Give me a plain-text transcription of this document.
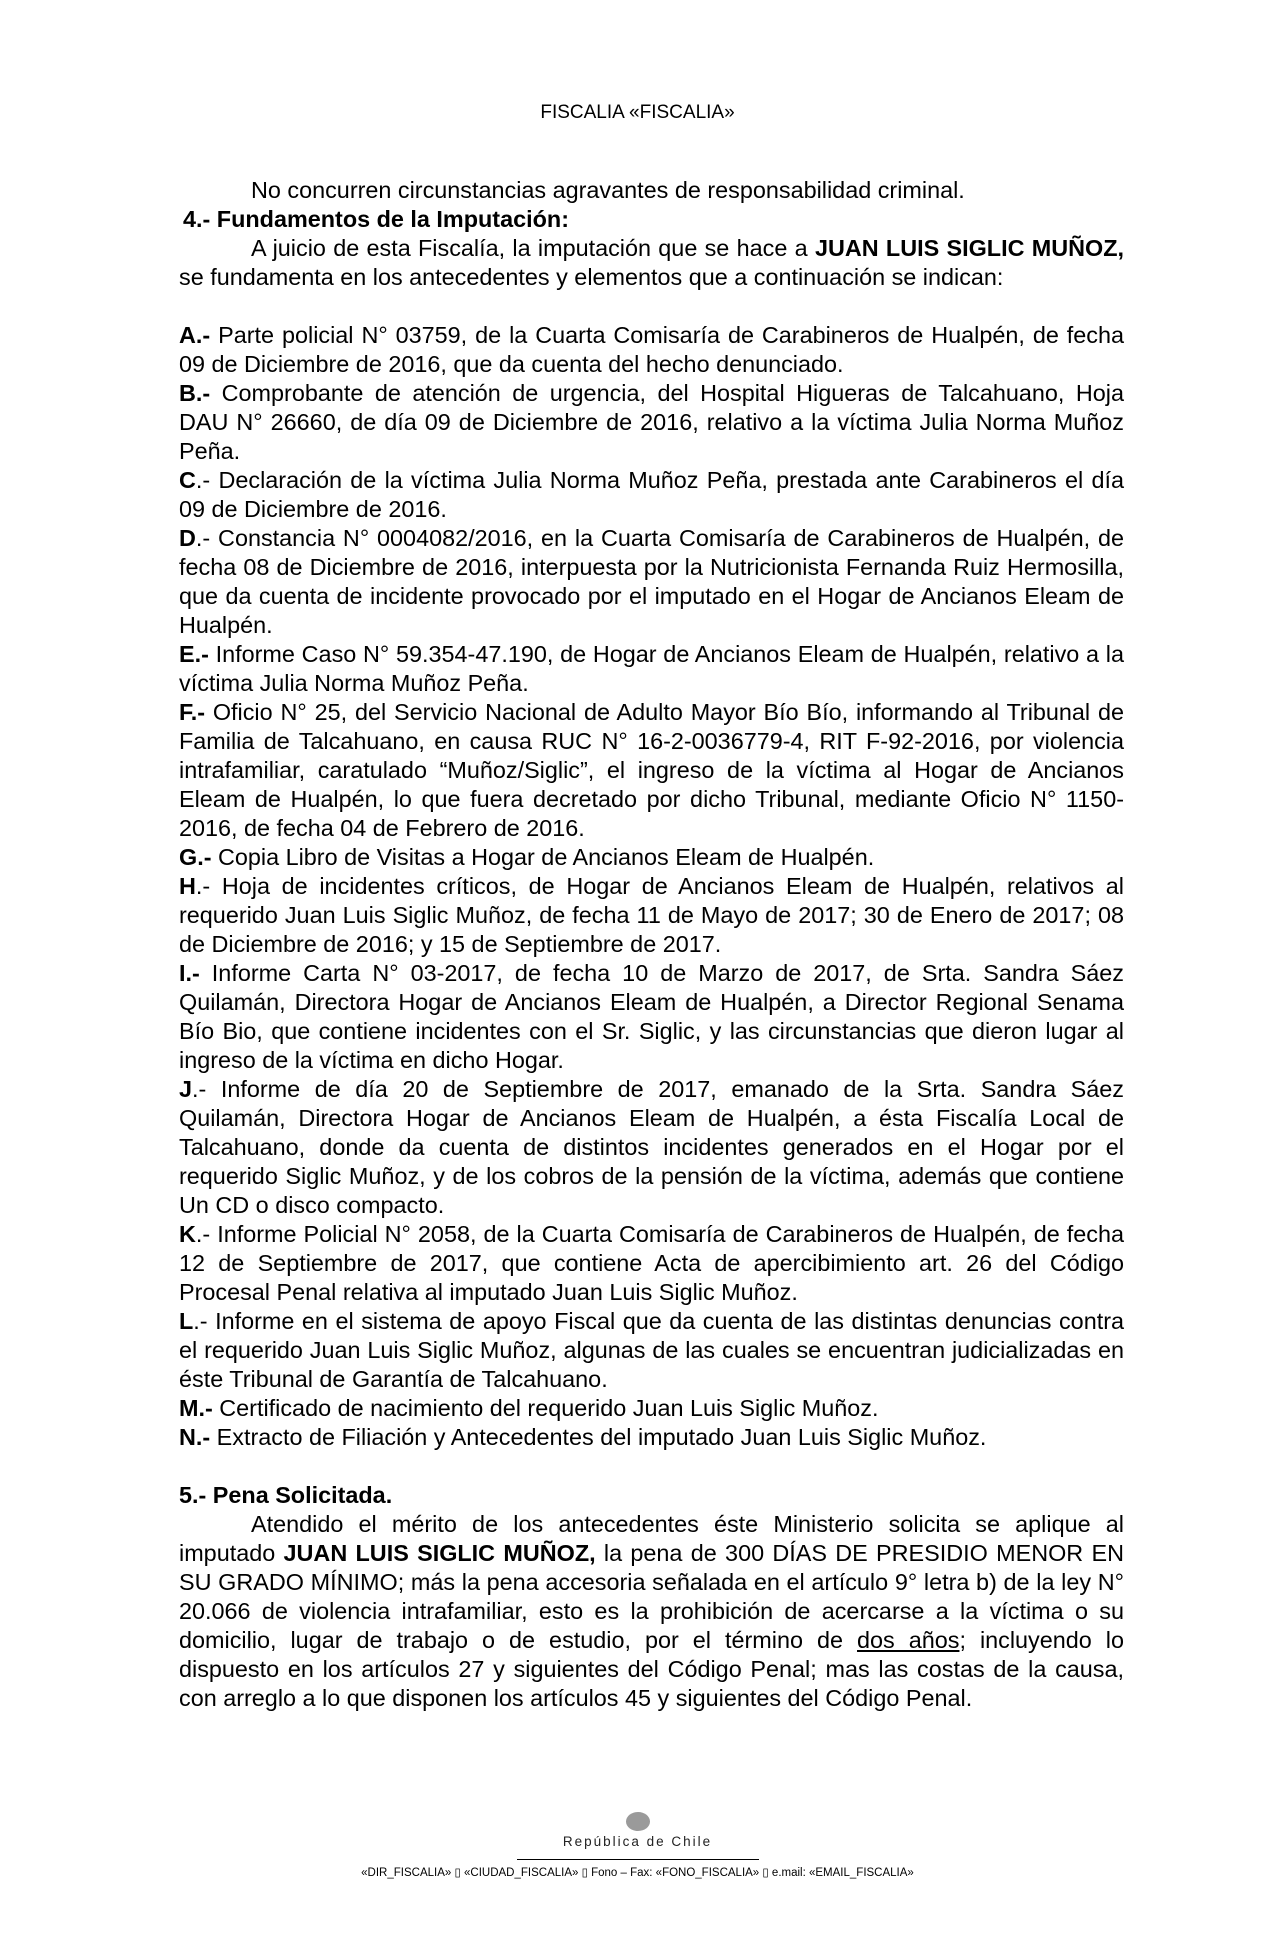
FISCALIA «FISCALIA»

No concurren circunstancias agravantes de responsabilidad criminal.

4.- Fundamentos de la Imputación:

A juicio de esta Fiscalía, la imputación que se hace a JUAN LUIS SIGLIC MUÑOZ, se fundamenta en los antecedentes y elementos que a continuación se indican:

A.- Parte policial N° 03759, de la Cuarta Comisaría de Carabineros de Hualpén, de fecha 09 de Diciembre de 2016, que da cuenta del hecho denunciado.

B.- Comprobante de atención de urgencia, del Hospital Higueras de Talcahuano, Hoja DAU N° 26660, de día 09 de Diciembre de 2016, relativo a la víctima Julia Norma Muñoz Peña.

C.- Declaración de la víctima Julia Norma Muñoz Peña, prestada ante Carabineros el día 09 de Diciembre de 2016.

D.- Constancia N° 0004082/2016, en la Cuarta Comisaría de Carabineros de Hualpén, de fecha 08 de Diciembre de 2016, interpuesta por la Nutricionista Fernanda Ruiz Hermosilla, que da cuenta de incidente provocado por el imputado en el Hogar de Ancianos Eleam de Hualpén.

E.- Informe Caso N° 59.354-47.190, de Hogar de Ancianos Eleam de Hualpén, relativo a la víctima Julia Norma Muñoz Peña.

F.- Oficio N° 25, del Servicio Nacional de Adulto Mayor Bío Bío, informando al Tribunal de Familia de Talcahuano, en causa RUC N° 16-2-0036779-4, RIT F-92-2016, por violencia intrafamiliar, caratulado “Muñoz/Siglic”, el ingreso de la víctima al Hogar de Ancianos Eleam de Hualpén, lo que fuera decretado por dicho Tribunal, mediante Oficio N° 1150-2016, de fecha 04 de Febrero de 2016.

G.- Copia Libro de Visitas a Hogar de Ancianos Eleam de Hualpén.

H.- Hoja de incidentes críticos, de Hogar de Ancianos Eleam de Hualpén, relativos al requerido Juan Luis Siglic Muñoz, de fecha 11 de Mayo de 2017; 30 de Enero de 2017; 08 de Diciembre de 2016; y 15 de Septiembre de 2017.

I.- Informe Carta N° 03-2017, de fecha 10 de Marzo de 2017, de Srta. Sandra Sáez Quilamán, Directora Hogar de Ancianos Eleam de Hualpén, a Director Regional Senama Bío Bio, que contiene incidentes con el Sr. Siglic, y las circunstancias que dieron lugar al ingreso de la víctima en dicho Hogar.

J.- Informe de día 20 de Septiembre de 2017, emanado de la Srta. Sandra Sáez Quilamán, Directora Hogar de Ancianos Eleam de Hualpén, a ésta Fiscalía Local de Talcahuano, donde da cuenta de distintos incidentes generados en el Hogar por el requerido Siglic Muñoz, y de los cobros de la pensión de la víctima, además que contiene Un CD o disco compacto.

K.- Informe Policial N° 2058, de la Cuarta Comisaría de Carabineros de Hualpén, de fecha 12 de Septiembre de 2017, que contiene Acta de apercibimiento art. 26 del Código Procesal Penal relativa al imputado Juan Luis Siglic Muñoz.

L.- Informe en el sistema de apoyo Fiscal que da cuenta de las distintas denuncias contra el requerido Juan Luis Siglic Muñoz, algunas de las cuales se encuentran judicializadas en éste Tribunal de Garantía de Talcahuano.

M.- Certificado de nacimiento del requerido Juan Luis Siglic Muñoz.

N.- Extracto de Filiación y Antecedentes del imputado Juan Luis Siglic Muñoz.

5.- Pena Solicitada.

Atendido el mérito de los antecedentes éste Ministerio solicita se aplique al imputado JUAN LUIS SIGLIC MUÑOZ, la pena de 300 DÍAS DE PRESIDIO MENOR EN SU GRADO MÍNIMO; más la pena accesoria señalada en el artículo 9° letra b) de la ley N° 20.066 de violencia intrafamiliar, esto es la prohibición de acercarse a la víctima o su domicilio, lugar de trabajo o de estudio, por el término de dos años; incluyendo lo dispuesto en los artículos 27 y siguientes del Código Penal; mas las costas de la causa, con arreglo a lo que disponen los artículos 45 y siguientes del Código Penal.

República de Chile
«DIR_FISCALIA» ▯ «CIUDAD_FISCALIA» ▯ Fono – Fax: «FONO_FISCALIA» ▯ e.mail: «EMAIL_FISCALIA»
